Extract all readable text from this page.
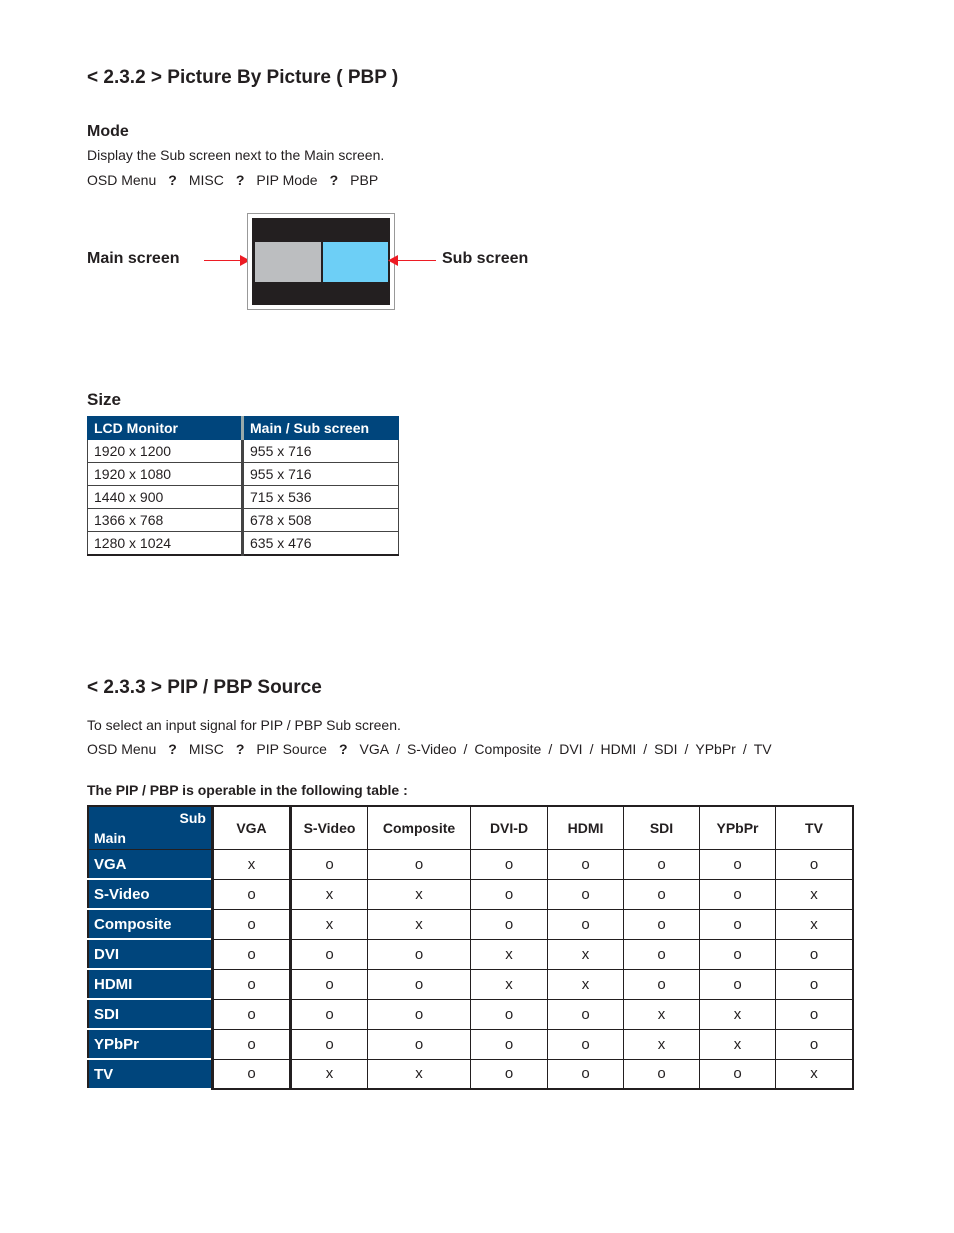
< 2.3.2 > Picture By Picture ( PBP )
Mode
Display the Sub screen next to the Main screen.
OSD Menu ? MISC ? PIP Mode ? PBP
Main screen	Sub screen
Size
LCD Monitor	Main / Sub screen
1920 x 1200	955 x 716
1920 x 1080	955 x 716
1440 x 900	715 x 536
1366 x 768	678 x 508
1280 x 1024	635 x 476
< 2.3.3 > PIP / PBP Source
To select an input signal for PIP / PBP Sub screen.
OSD Menu ? MISC ? PIP Source ? VGA / S-Video / Composite / DVI / HDMI / SDI / YPbPr / TV
The PIP / PBP is operable in the following table :
Sub
Main	VGA	S-Video	Composite	DVI-D	HDMI	SDI	YPbPr	TV
VGA	x	o	o	o	o	o	o	o
S-Video	o	x	x	o	o	o	o	x
Composite	o	x	x	o	o	o	o	x
DVI	o	o	o	x	x	o	o	o
HDMI	o	o	o	x	x	o	o	o
SDI	o	o	o	o	o	x	x	o
YPbPr	o	o	o	o	o	x	x	o
TV	o	x	x	o	o	o	o	x
